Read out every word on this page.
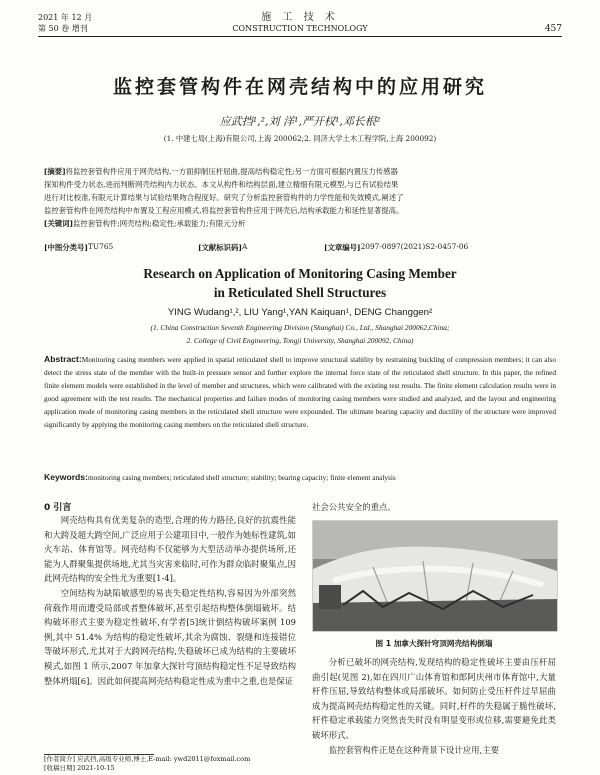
2021 年 12 月
第 50 卷 增刊
施 工 技 术
CONSTRUCTION TECHNOLOGY	457
监控套管构件在网壳结构中的应用研究
应武挡¹,²,刘 洋¹,严开权¹,邓长根²
(1. 中建七局(上海)有限公司,上海 200062;2. 同济大学土木工程学院,上海 200092)
[摘要]将监控套管构件应用于网壳结构,一方面抑制压杆屈曲,提高结构稳定性;另一方面可根据内置压力传感器
探知构件受力状态,进而判断网壳结构内力状态。本文从构件和结构层面,建立精细有限元模型,与已有试验结果
进行对比校准,有限元计算结果与试验结果吻合程度好。研究了分析监控套管构件的力学性能和失效模式,阐述了
监控套管构件在网壳结构中布置及工程应用模式,将监控套管构件应用于网壳后,结构承载能力和延性显著提高。
[关键词]监控套管构件;网壳结构;稳定性;承载能力;有限元分析
[中图分类号] TU765	[文献标识码] A	[文章编号] 2097-0897(2021)S2-0457-06
Research on Application of Monitoring Casing Member
in Reticulated Shell Structures
YING Wudang¹,², LIU Yang¹,YAN Kaiquan¹, DENG Changgen²
(1. China Construction Seventh Engineering Division (Shanghai) Co., Ltd., Shanghai 200062,China;
2. College of Civil Engineering, Tongji University, Shanghai 200092, China)
Abstract:Monitoring casing members were applied in spatial reticulated shell to improve structural stability by restraining buckling of compression members; it can also detect the stress state of the member with the built-in pressure sensor and further explore the internal force state of the reticulated shell structure. In this paper, the refined finite element models were established in the level of member and structures, which were calibrated with the existing test results. The finite element calculation results were in good agreement with the test results. The mechanical properties and failure modes of monitoring casing members were studied and analyzed, and the layout and engineering application mode of monitoring casing members in the reticulated shell structure were expounded. The ultimate bearing capacity and ductility of the structure were improved significantly by applying the monitoring casing members on the reticulated shell structure.
Keywords:monitoring casing members; reticulated shell structure; stability; bearing capacity; finite element analysis
0 引言

网壳结构具有优美复杂的造型,合理的传力路径,良好的抗震性能和大跨及超大跨空间,广泛应用于公建项目中,一般作为她标性建筑,如火车站、体育馆等。网壳结构不仅能够为大型活动举办提供场所,还能为人群聚集提供场地,尤其当灾害来临时,可作为群众临时聚集点,因此网壳结构的安全性尤为重要[1-4]。

空间结构为缺陷敏感型的易丧失稳定性结构,容易因为外部突然荷载作用而遭受局部或者整体破坏,甚至引起结构整体倒塌破坏。结构破坏形式主要为稳定性破坏,有学者[5]统计倒结构破坏案例 109 例,其中 51.4% 为结构的稳定性破坏,其余为腐蚀、裂缝和连接错位等破坏形式,尤其对于大跨网壳结构,失稳破坏已成为结构的主要破坏模式,如图 1 所示,2007 年加拿大探针穹顶结构稳定性不足导致结构整体坍塌[6]。因此如何提高网壳结构稳定性成为重中之重,也是保证

社会公共安全的重点。

图 1 加拿大探针穹顶网壳结构倒塌

分析已破坏的网壳结构,发现结构的稳定性破坏主要由压杆屈曲引起(见图 2),如在四川广山体育馆和郎阿庆州市体育馆中,大量杆件压屈,导致结构整体或局部破坏。如何防止受压杆件过早屈曲成为提高网壳结构稳定性的关键。同时,杆件的失稳属于脆性破坏,杆件稳定承载能力突然丧失时没有明显变形或位移,需要避免此类破坏形式。

监控套管构件正是在这种背景下设计应用,主要

[作者简介] 应武挡,高级专业师,博士,E-mail: ywd2011@foxmail.com
[收稿日期] 2021-10-15
